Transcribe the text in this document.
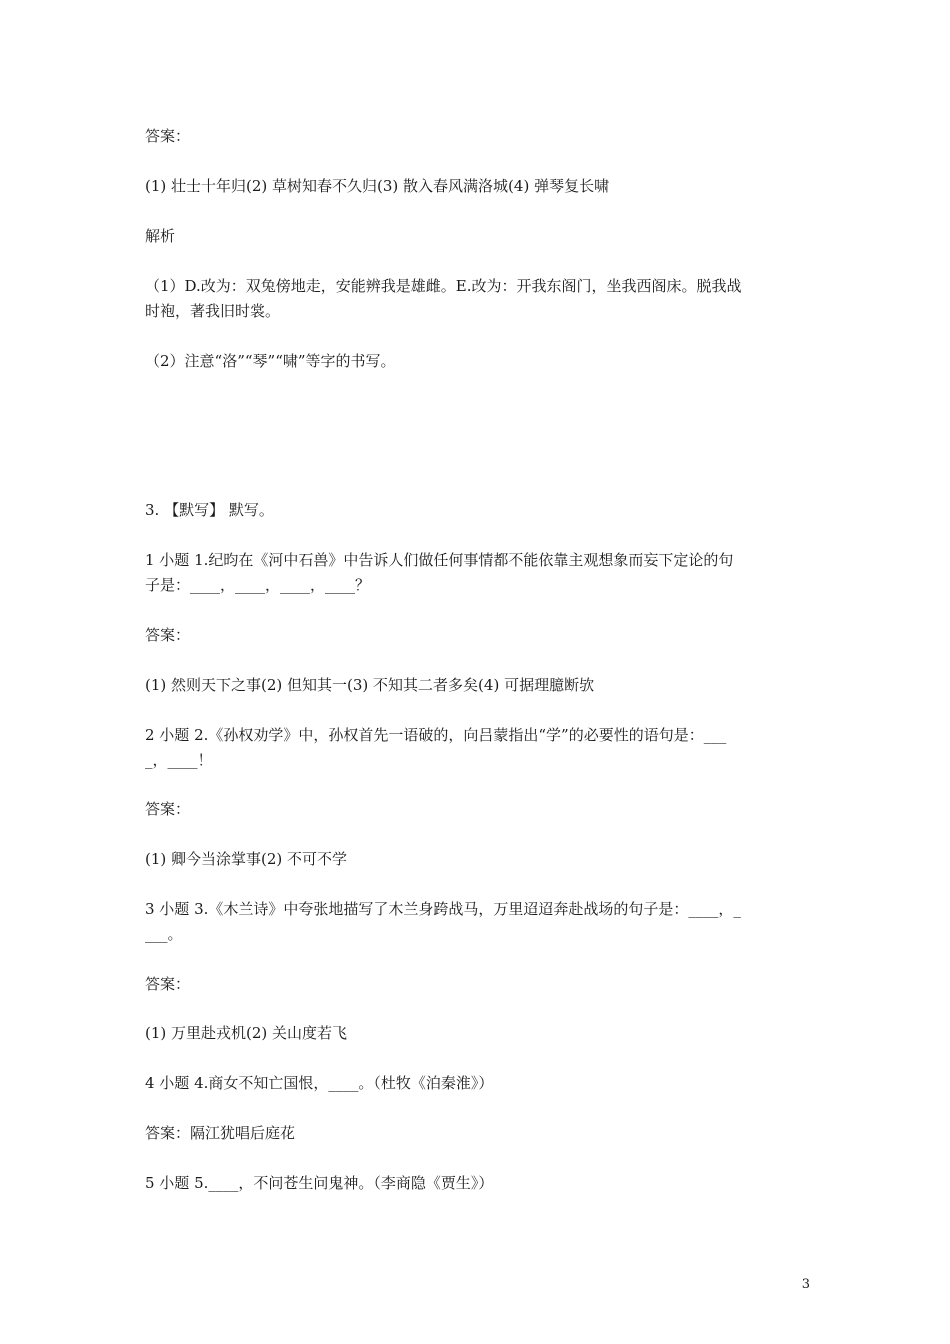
答案：
(1) 壮士十年归(2) 草树知春不久归(3) 散入春风满洛城(4) 弹琴复长啸
解析
（1）D.改为：双兔傍地走，安能辨我是雄雌。E.改为：开我东阁门，坐我西阁床。脱我战
时袍，著我旧时裳。
（2）注意“洛”“琴”“啸”等字的书写。
3. 【默写】 默写。
1 小题 1.纪昀在《河中石兽》中告诉人们做任何事情都不能依靠主观想象而妄下定论的句
子是：____，____，____，____？
答案：
(1) 然则天下之事(2) 但知其一(3) 不知其二者多矣(4) 可据理臆断欤
2 小题 2.《孙权劝学》中，孙权首先一语破的，向吕蒙指出“学”的必要性的语句是：___
_，____！
答案：
(1) 卿今当涂掌事(2) 不可不学
3 小题 3.《木兰诗》中夸张地描写了木兰身跨战马，万里迢迢奔赴战场的句子是：____，_
___。
答案：
(1) 万里赴戎机(2) 关山度若飞
4 小题 4.商女不知亡国恨，____。（杜牧《泊秦淮》）
答案：隔江犹唱后庭花
5 小题 5.____，不问苍生问鬼神。（李商隐《贾生》）
3
